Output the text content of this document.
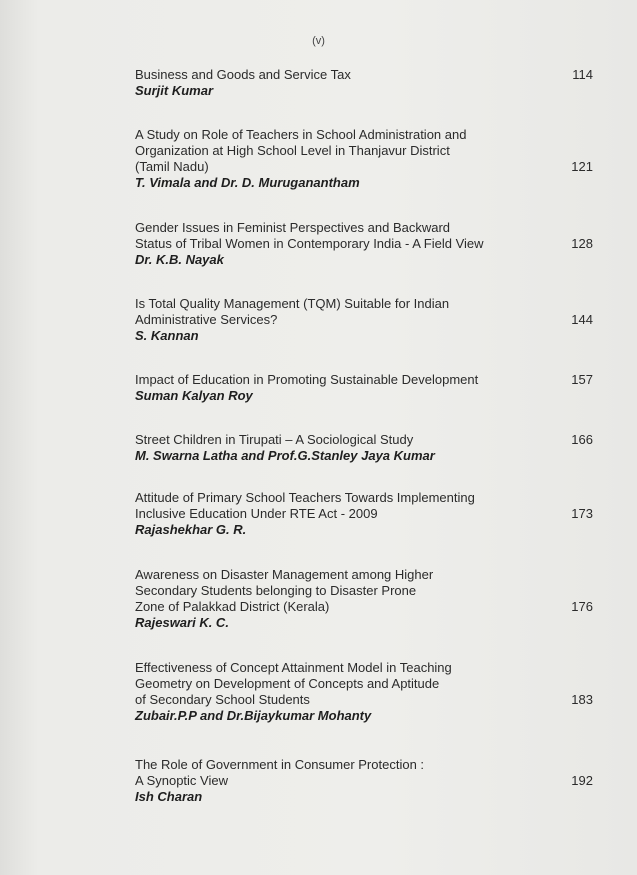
(v)
Business and Goods and Service Tax
Surjit Kumar
114
A Study on Role of Teachers in School Administration and
Organization at High School Level in Thanjavur District
(Tamil Nadu)
T. Vimala and Dr. D. Muruganantham
121
Gender Issues in Feminist Perspectives and Backward
Status of Tribal Women in Contemporary India - A Field View
Dr. K.B. Nayak
128
Is Total Quality Management (TQM) Suitable for Indian
Administrative Services?
S. Kannan
144
Impact of Education in Promoting Sustainable Development
Suman Kalyan Roy
157
Street Children in Tirupati – A Sociological Study
M. Swarna Latha and Prof.G.Stanley Jaya Kumar
166
Attitude of Primary School Teachers Towards Implementing
Inclusive Education Under RTE Act - 2009
Rajashekhar G. R.
173
Awareness on Disaster Management among Higher
Secondary Students belonging to Disaster Prone
Zone of Palakkad District (Kerala)
Rajeswari K. C.
176
Effectiveness of Concept Attainment Model in Teaching
Geometry on Development of Concepts and Aptitude
of Secondary School Students
Zubair.P.P and Dr.Bijaykumar Mohanty
183
The Role of Government in Consumer Protection :
A Synoptic View
Ish Charan
192
